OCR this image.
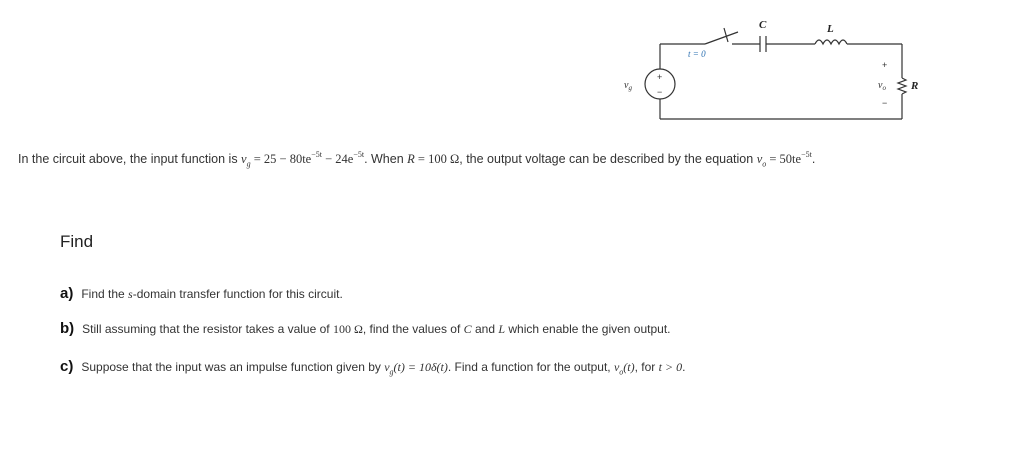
+
−
t = 0
C	L
R
+
−
$v_o$
$v_g$
In the circuit above, the input function is $v_g = 25 - 80te^{-5t} - 24e^{-5t}$. When R = 100 Ω, the output voltage can be described by the equation $v_o = 50te^{-5t}$.
Find
a) Find the s-domain transfer function for this circuit.
b) Still assuming that the resistor takes a value of 100 Ω, find the values of C and L which enable the given output.
c) Suppose that the input was an impulse function given by $v_g(t) = 10\delta(t)$. Find a function for the output, $v_o(t)$, for t > 0.
